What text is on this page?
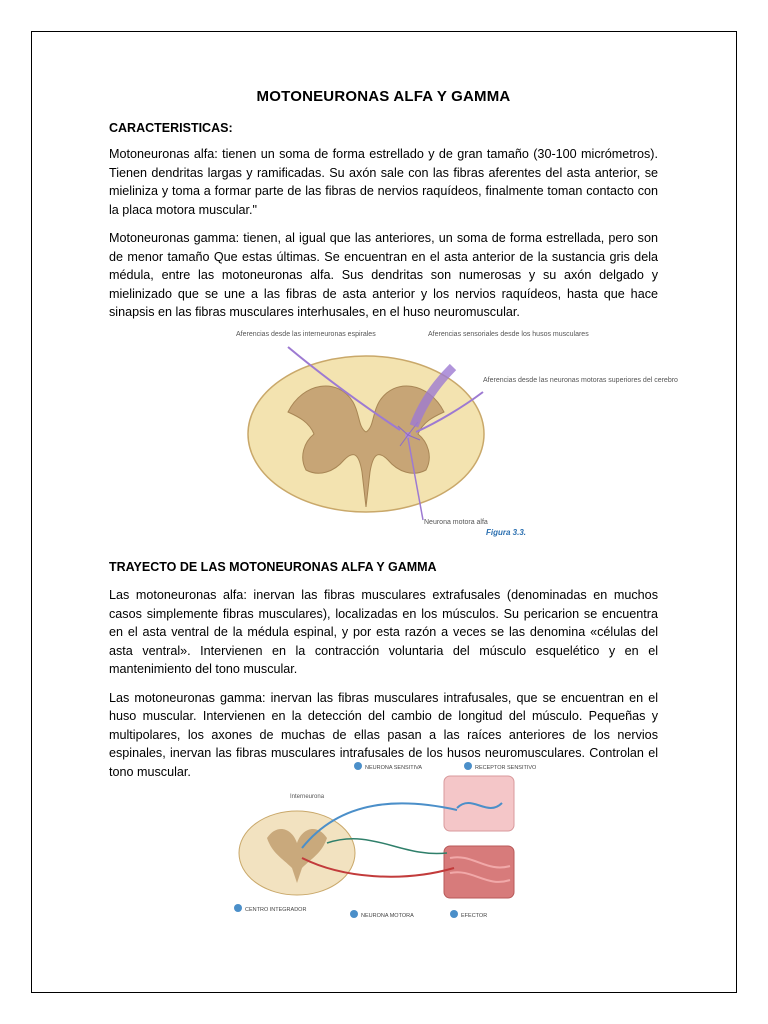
MOTONEURONAS ALFA Y GAMMA
CARACTERISTICAS:

Motoneuronas alfa: tienen un soma de forma estrellado y de gran tamaño (30-100 micrómetros). Tienen dendritas largas y ramificadas. Su axón sale con las fibras aferentes del asta anterior, se mieliniza y toma a formar parte de las fibras de nervios raquídeos, finalmente toman contacto con la placa motora muscular."

Motoneuronas gamma: tienen, al igual que las anteriores, un soma de forma estrellada, pero son de menor tamaño Que estas últimas. Se encuentran en el asta anterior de la sustancia gris dela médula, entre las motoneuronas alfa. Sus dendritas son numerosas y su axón delgado y mielinizado que se une a las fibras de asta anterior y los nervios raquídeos, hasta que hace sinapsis en las fibras musculares interhusales, en el huso neuromuscular.

Aferencias desde las interneuronas espirales	Aferencias sensoriales desde los husos musculares
Aferencias desde las neuronas motoras superiores del cerebro
Neurona motora alfa
Figura 3.3.
TRAYECTO DE LAS MOTONEURONAS ALFA Y GAMMA

Las motoneuronas alfa: inervan las fibras musculares extrafusales (denominadas en muchos casos simplemente fibras musculares), localizadas en los músculos. Su pericarion se encuentra en el asta ventral de la médula espinal, y por esta razón a veces se las denomina «células del asta ventral». Intervienen en la contracción voluntaria del músculo esquelético y en el mantenimiento del tono muscular.

Las motoneuronas gamma: inervan las fibras musculares intrafusales, que se encuentran en el huso muscular. Intervienen en la detección del cambio de longitud del músculo. Pequeñas y multipolares, los axones de muchas de ellas pasan a las raíces anteriores de los nervios espinales, inervan las fibras musculares intrafusales de los husos neuromusculares. Controlan el tono muscular.

Interneurona
RECEPTOR SENSITIVO
NEURONA SENSITIVA
CENTRO INTEGRADOR
NEURONA MOTORA	EFECTOR
